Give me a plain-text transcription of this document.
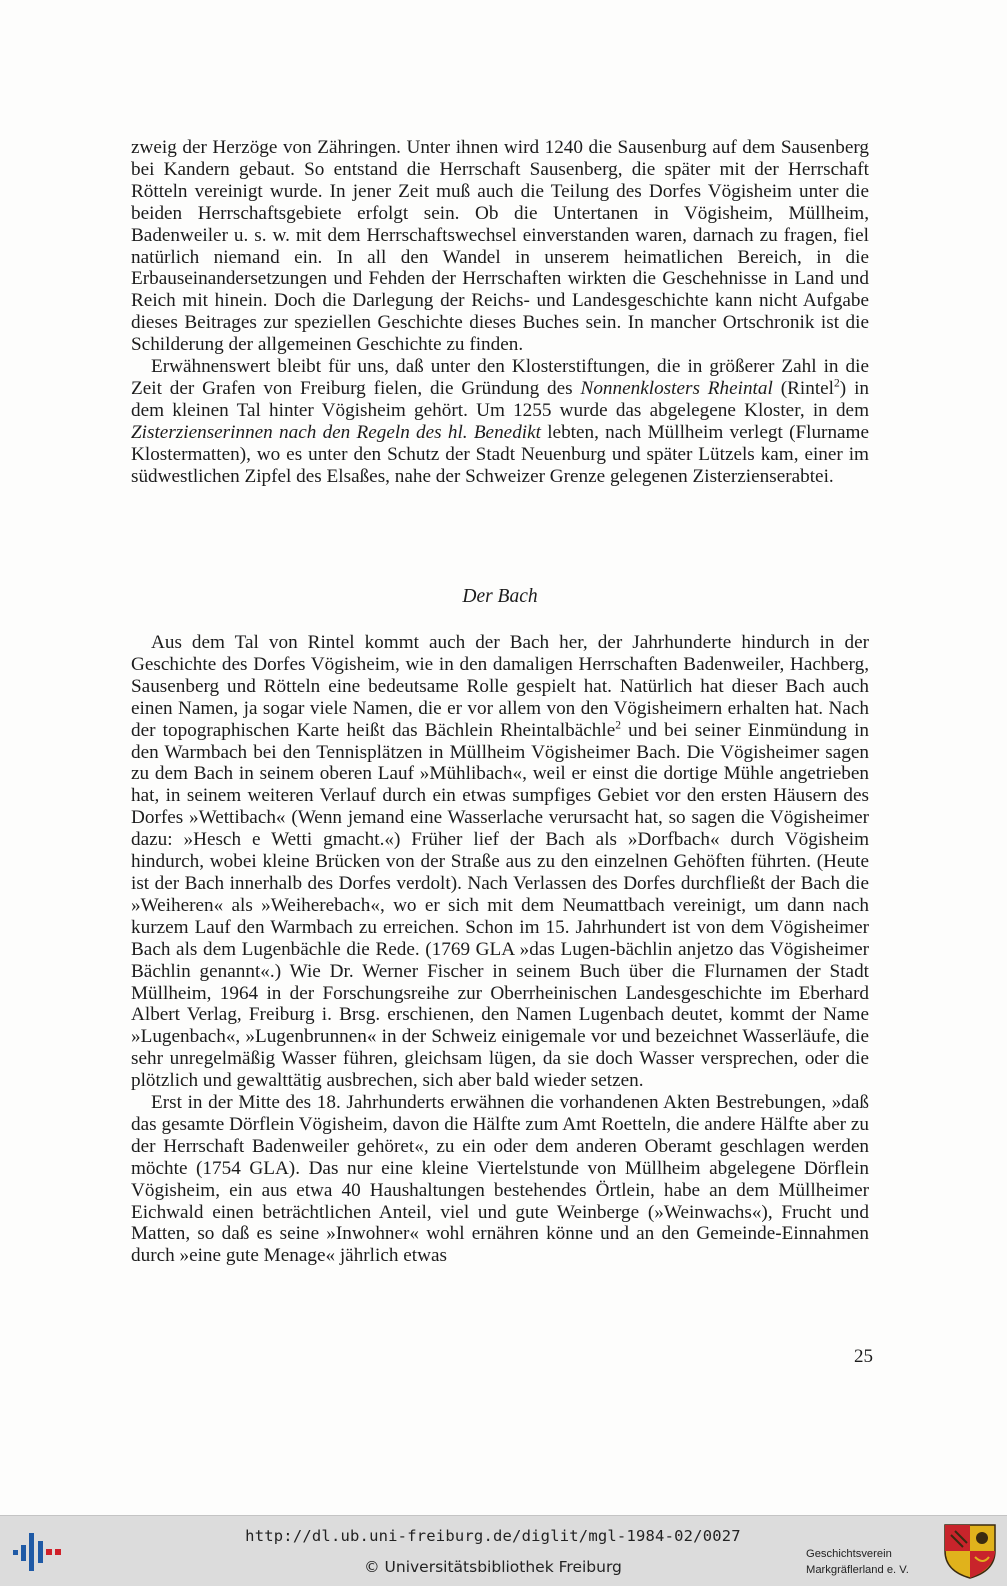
zweig der Herzöge von Zähringen. Unter ihnen wird 1240 die Sausenburg auf dem Sausenberg bei Kandern gebaut. So entstand die Herrschaft Sausenberg, die später mit der Herrschaft Rötteln vereinigt wurde. In jener Zeit muß auch die Teilung des Dorfes Vögisheim unter die beiden Herrschaftsgebiete erfolgt sein. Ob die Untertanen in Vögisheim, Müllheim, Badenweiler u. s. w. mit dem Herrschaftswechsel einverstanden waren, darnach zu fragen, fiel natürlich niemand ein. In all den Wandel in unserem heimatlichen Bereich, in die Erbauseinandersetzungen und Fehden der Herrschaften wirkten die Geschehnisse in Land und Reich mit hinein. Doch die Darlegung der Reichs- und Landesgeschichte kann nicht Aufgabe dieses Beitrages zur speziellen Geschichte dieses Buches sein. In mancher Ortschronik ist die Schilderung der allgemeinen Geschichte zu finden.

Erwähnenswert bleibt für uns, daß unter den Klosterstiftungen, die in größerer Zahl in die Zeit der Grafen von Freiburg fielen, die Gründung des Nonnenklosters Rheintal (Rintel$^2$) in dem kleinen Tal hinter Vögisheim gehört. Um 1255 wurde das abgelegene Kloster, in dem Zisterzienserinnen nach den Regeln des hl. Benedikt lebten, nach Müllheim verlegt (Flurname Klostermatten), wo es unter den Schutz der Stadt Neuenburg und später Lützels kam, einer im südwestlichen Zipfel des Elsaßes, nahe der Schweizer Grenze gelegenen Zisterzienserabtei.

Der Bach

Aus dem Tal von Rintel kommt auch der Bach her, der Jahrhunderte hindurch in der Geschichte des Dorfes Vögisheim, wie in den damaligen Herrschaften Badenweiler, Hachberg, Sausenberg und Rötteln eine bedeutsame Rolle gespielt hat. Natürlich hat dieser Bach auch einen Namen, ja sogar viele Namen, die er vor allem von den Vögisheimern erhalten hat. Nach der topographischen Karte heißt das Bächlein Rheintalbächle$^2$ und bei seiner Einmündung in den Warmbach bei den Tennisplätzen in Müllheim Vögisheimer Bach. Die Vögisheimer sagen zu dem Bach in seinem oberen Lauf »Mühlibach«, weil er einst die dortige Mühle angetrieben hat, in seinem weiteren Verlauf durch ein etwas sumpfiges Gebiet vor den ersten Häusern des Dorfes »Wettibach« (Wenn jemand eine Wasserlache verursacht hat, so sagen die Vögisheimer dazu: »Hesch e Wetti gmacht.«) Früher lief der Bach als »Dorfbach« durch Vögisheim hindurch, wobei kleine Brücken von der Straße aus zu den einzelnen Gehöften führten. (Heute ist der Bach innerhalb des Dorfes verdolt). Nach Verlassen des Dorfes durchfließt der Bach die »Weiheren« als »Weiherebach«, wo er sich mit dem Neumattbach vereinigt, um dann nach kurzem Lauf den Warmbach zu erreichen. Schon im 15. Jahrhundert ist von dem Vögisheimer Bach als dem Lugenbächle die Rede. (1769 GLA »das Lugen-bächlin anjetzo das Vögisheimer Bächlin genannt«.) Wie Dr. Werner Fischer in seinem Buch über die Flurnamen der Stadt Müllheim, 1964 in der Forschungsreihe zur Oberrheinischen Landesgeschichte im Eberhard Albert Verlag, Freiburg i. Brsg. erschienen, den Namen Lugenbach deutet, kommt der Name »Lugenbach«, »Lugenbrunnen« in der Schweiz einigemale vor und bezeichnet Wasserläufe, die sehr unregelmäßig Wasser führen, gleichsam lügen, da sie doch Wasser versprechen, oder die plötzlich und gewalttätig ausbrechen, sich aber bald wieder setzen.

Erst in der Mitte des 18. Jahrhunderts erwähnen die vorhandenen Akten Bestrebungen, »daß das gesamte Dörflein Vögisheim, davon die Hälfte zum Amt Roetteln, die andere Hälfte aber zu der Herrschaft Badenweiler gehöret«, zu ein oder dem anderen Oberamt geschlagen werden möchte (1754 GLA). Das nur eine kleine Viertelstunde von Müllheim abgelegene Dörflein Vögisheim, ein aus etwa 40 Haushaltungen bestehendes Örtlein, habe an dem Müllheimer Eichwald einen beträchtlichen Anteil, viel und gute Weinberge (»Weinwachs«), Frucht und Matten, so daß es seine »Inwohner« wohl ernähren könne und an den Gemeinde-Einnahmen durch »eine gute Menage« jährlich etwas

25
http://dl.ub.uni-freiburg.de/diglit/mgl-1984-02/0027
© Universitätsbibliothek Freiburg
Geschichtsverein
Markgräflerland e. V.
